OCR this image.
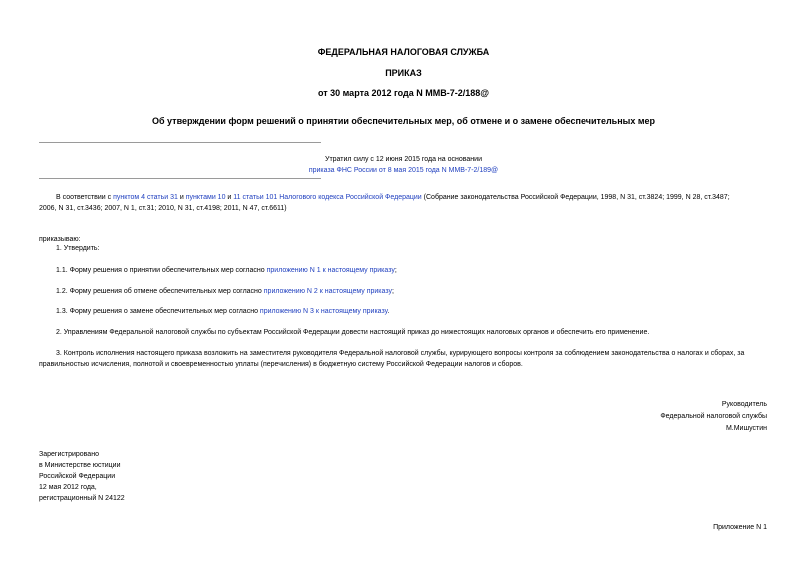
ФЕДЕРАЛЬНАЯ НАЛОГОВАЯ СЛУЖБА
ПРИКАЗ
от 30 марта 2012 года N ММВ-7-2/188@
Об утверждении форм решений о принятии обеспечительных мер, об отмене и о замене обеспечительных мер
Утратил силу с 12 июня 2015 года на основании
приказа ФНС России от 8 мая 2015 года N ММВ-7-2/189@
В соответствии с пунктом 4 статьи 31 и пунктами 10 и 11 статьи 101 Налогового кодекса Российской Федерации (Собрание законодательства Российской Федерации, 1998, N 31, ст.3824; 1999, N 28, ст.3487;
2006, N 31, ст.3436; 2007, N 1, ст.31; 2010, N 31, ст.4198; 2011, N 47, ст.6611)
приказываю:
1. Утвердить:
1.1. Форму решения о принятии обеспечительных мер согласно приложению N 1 к настоящему приказу;
1.2. Форму решения об отмене обеспечительных мер согласно приложению N 2 к настоящему приказу;
1.3. Форму решения о замене обеспечительных мер согласно приложению N 3 к настоящему приказу.
2. Управлениям Федеральной налоговой службы по субъектам Российской Федерации довести настоящий приказ до нижестоящих налоговых органов и обеспечить его применение.
3. Контроль исполнения настоящего приказа возложить на заместителя руководителя Федеральной налоговой службы, курирующего вопросы контроля за соблюдением законодательства о налогах и сборах, за
правильностью исчисления, полнотой и своевременностью уплаты (перечисления) в бюджетную систему Российской Федерации налогов и сборов.
Руководитель
Федеральной налоговой службы
М.Мишустин
Зарегистрировано
в Министерстве юстиции
Российской Федерации
12 мая 2012 года,
регистрационный N 24122
Приложение N 1
